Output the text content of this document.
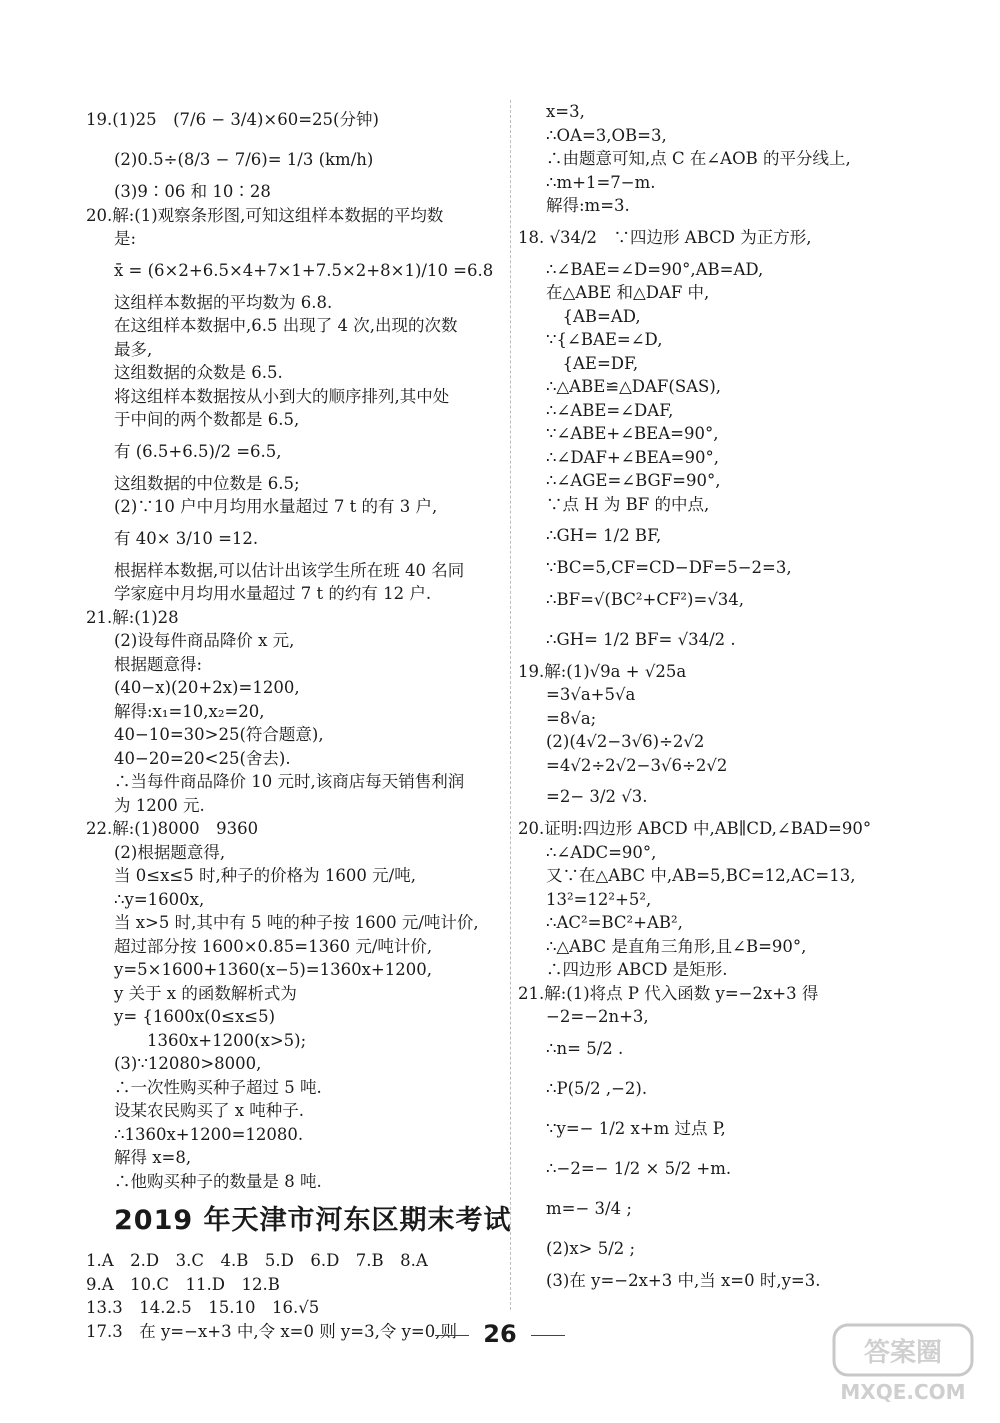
19.(1)25　(7/6 − 3/4)×60=25(分钟)
(2)0.5÷(8/3 − 7/6)= 1/3 (km/h)
(3)9∶06 和 10∶28
20.解:(1)观察条形图,可知这组样本数据的平均数
是:
x̄ = (6×2+6.5×4+7×1+7.5×2+8×1)/10 =6.8
这组样本数据的平均数为 6.8.
在这组样本数据中,6.5 出现了 4 次,出现的次数
最多,
这组数据的众数是 6.5.
将这组样本数据按从小到大的顺序排列,其中处
于中间的两个数都是 6.5,
有 (6.5+6.5)/2 =6.5,
这组数据的中位数是 6.5;
(2)∵10 户中月均用水量超过 7 t 的有 3 户,
有 40× 3/10 =12.
根据样本数据,可以估计出该学生所在班 40 名同
学家庭中月均用水量超过 7 t 的约有 12 户.
21.解:(1)28
(2)设每件商品降价 x 元,
根据题意得:
(40−x)(20+2x)=1200,
解得:x₁=10,x₂=20,
40−10=30>25(符合题意),
40−20=20<25(舍去).
∴当每件商品降价 10 元时,该商店每天销售利润
为 1200 元.
22.解:(1)8000　9360
(2)根据题意得,
当 0≤x≤5 时,种子的价格为 1600 元/吨,
∴y=1600x,
当 x>5 时,其中有 5 吨的种子按 1600 元/吨计价,
超过部分按 1600×0.85=1360 元/吨计价,
y=5×1600+1360(x−5)=1360x+1200,
y 关于 x 的函数解析式为
y= {1600x(0≤x≤5)
　　1360x+1200(x>5);
(3)∵12080>8000,
∴一次性购买种子超过 5 吨.
设某农民购买了 x 吨种子.
∴1360x+1200=12080.
解得 x=8,
∴他购买种子的数量是 8 吨.
2019 年天津市河东区期末考试
1.A　2.D　3.C　4.B　5.D　6.D　7.B　8.A
9.A　10.C　11.D　12.B
13.3　14.2.5　15.10　16.√5
17.3　在 y=−x+3 中,令 x=0 则 y=3,令 y=0,则
x=3,
∴OA=3,OB=3,
∴由题意可知,点 C 在∠AOB 的平分线上,
∴m+1=7−m.
解得:m=3.
18. √34/2　∵四边形 ABCD 为正方形,
∴∠BAE=∠D=90°,AB=AD,
在△ABE 和△DAF 中,
　{AB=AD,
∵{∠BAE=∠D,
　{AE=DF,
∴△ABE≌△DAF(SAS),
∴∠ABE=∠DAF,
∵∠ABE+∠BEA=90°,
∴∠DAF+∠BEA=90°,
∴∠AGE=∠BGF=90°,
∵点 H 为 BF 的中点,
∴GH= 1/2 BF,
∵BC=5,CF=CD−DF=5−2=3,
∴BF=√(BC²+CF²)=√34,
∴GH= 1/2 BF= √34/2 .
19.解:(1)√9a + √25a
=3√a+5√a
=8√a;
(2)(4√2−3√6)÷2√2
=4√2÷2√2−3√6÷2√2
=2− 3/2 √3.
20.证明:四边形 ABCD 中,AB∥CD,∠BAD=90°
∴∠ADC=90°,
又∵在△ABC 中,AB=5,BC=12,AC=13,
13²=12²+5²,
∴AC²=BC²+AB²,
∴△ABC 是直角三角形,且∠B=90°,
∴四边形 ABCD 是矩形.
21.解:(1)将点 P 代入函数 y=−2x+3 得
−2=−2n+3,
∴n= 5/2 .
∴P(5/2 ,−2).
∵y=− 1/2 x+m 过点 P,
∴−2=− 1/2 × 5/2 +m.
m=− 3/4 ;
(2)x> 5/2 ;
(3)在 y=−2x+3 中,当 x=0 时,y=3.
26
答案圈
MXQE.COM
